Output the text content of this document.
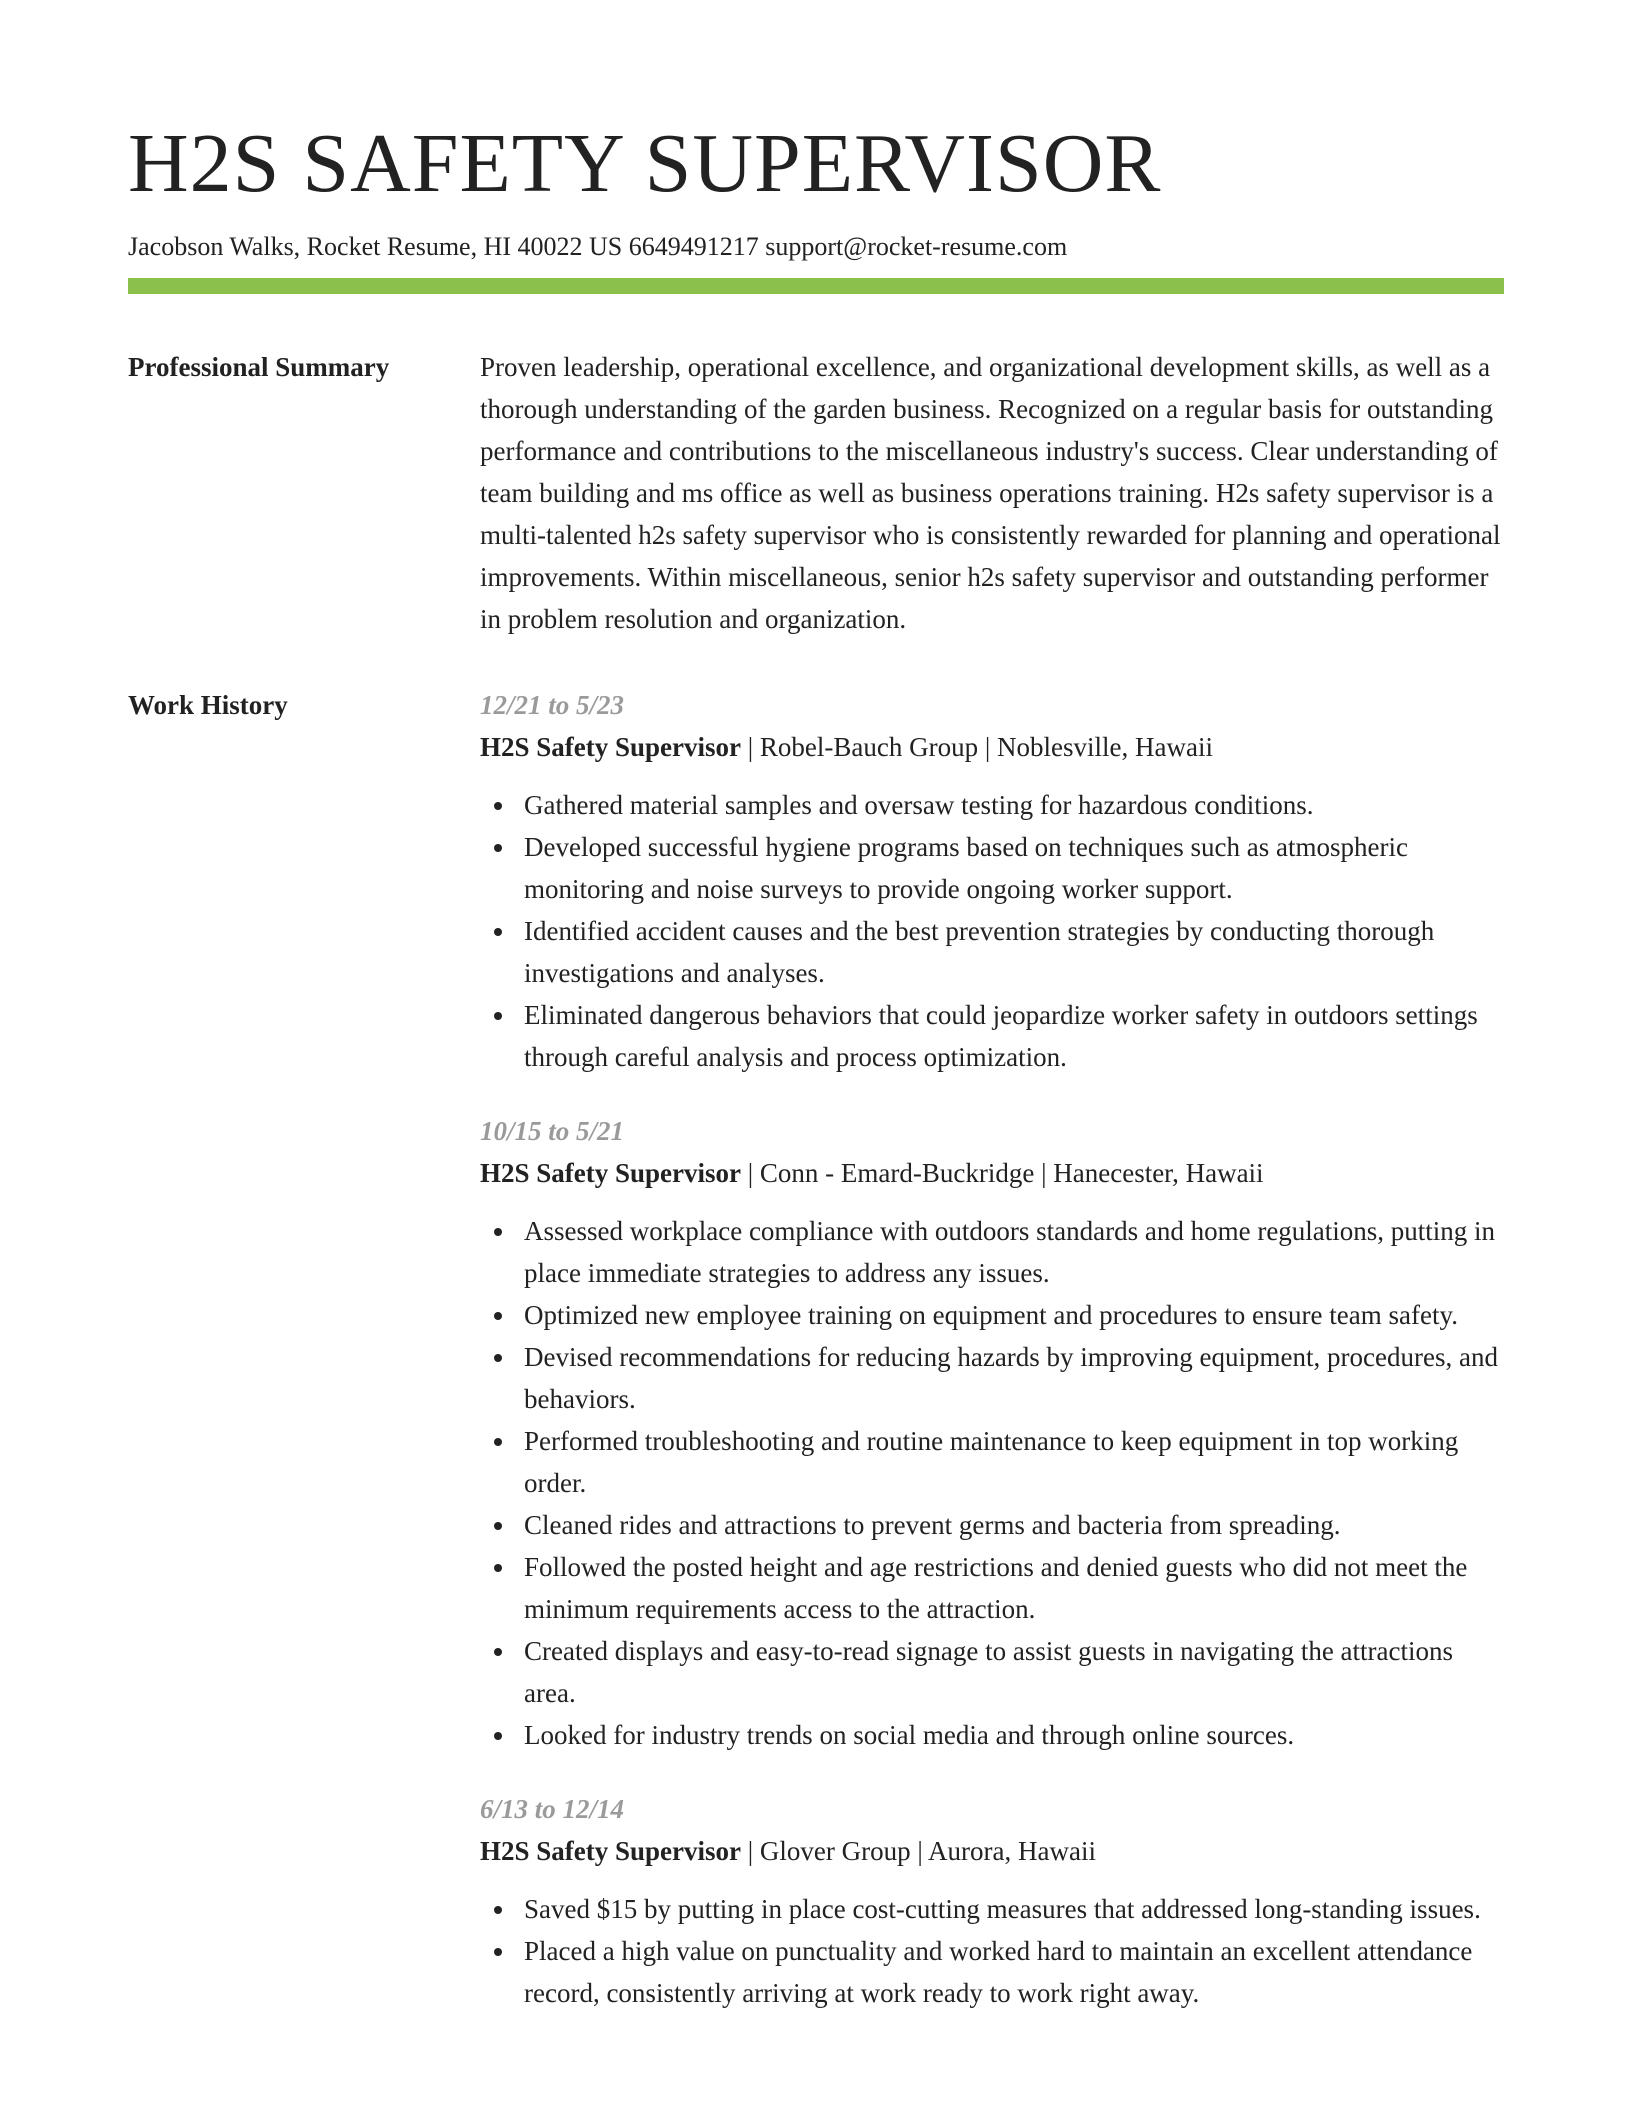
H2S SAFETY SUPERVISOR
Jacobson Walks, Rocket Resume, HI 40022 US 6649491217 support@rocket-resume.com
Professional Summary	Proven leadership, operational excellence, and organizational development skills, as well as a thorough understanding of the garden business. Recognized on a regular basis for outstanding performance and contributions to the miscellaneous industry's success. Clear understanding of team building and ms office as well as business operations training. H2s safety supervisor is a multi-talented h2s safety supervisor who is consistently rewarded for planning and operational improvements. Within miscellaneous, senior h2s safety supervisor and outstanding performer in problem resolution and organization.
Work History	12/21 to 5/23
H2S Safety Supervisor | Robel-Bauch Group | Noblesville, Hawaii
Gathered material samples and oversaw testing for hazardous conditions.
Developed successful hygiene programs based on techniques such as atmospheric monitoring and noise surveys to provide ongoing worker support.
Identified accident causes and the best prevention strategies by conducting thorough investigations and analyses.
Eliminated dangerous behaviors that could jeopardize worker safety in outdoors settings through careful analysis and process optimization.
10/15 to 5/21
H2S Safety Supervisor | Conn - Emard-Buckridge | Hanecester, Hawaii
Assessed workplace compliance with outdoors standards and home regulations, putting in place immediate strategies to address any issues.
Optimized new employee training on equipment and procedures to ensure team safety.
Devised recommendations for reducing hazards by improving equipment, procedures, and behaviors.
Performed troubleshooting and routine maintenance to keep equipment in top working order.
Cleaned rides and attractions to prevent germs and bacteria from spreading.
Followed the posted height and age restrictions and denied guests who did not meet the minimum requirements access to the attraction.
Created displays and easy-to-read signage to assist guests in navigating the attractions area.
Looked for industry trends on social media and through online sources.
6/13 to 12/14
H2S Safety Supervisor | Glover Group | Aurora, Hawaii
Saved $15 by putting in place cost-cutting measures that addressed long-standing issues.
Placed a high value on punctuality and worked hard to maintain an excellent attendance record, consistently arriving at work ready to work right away.
